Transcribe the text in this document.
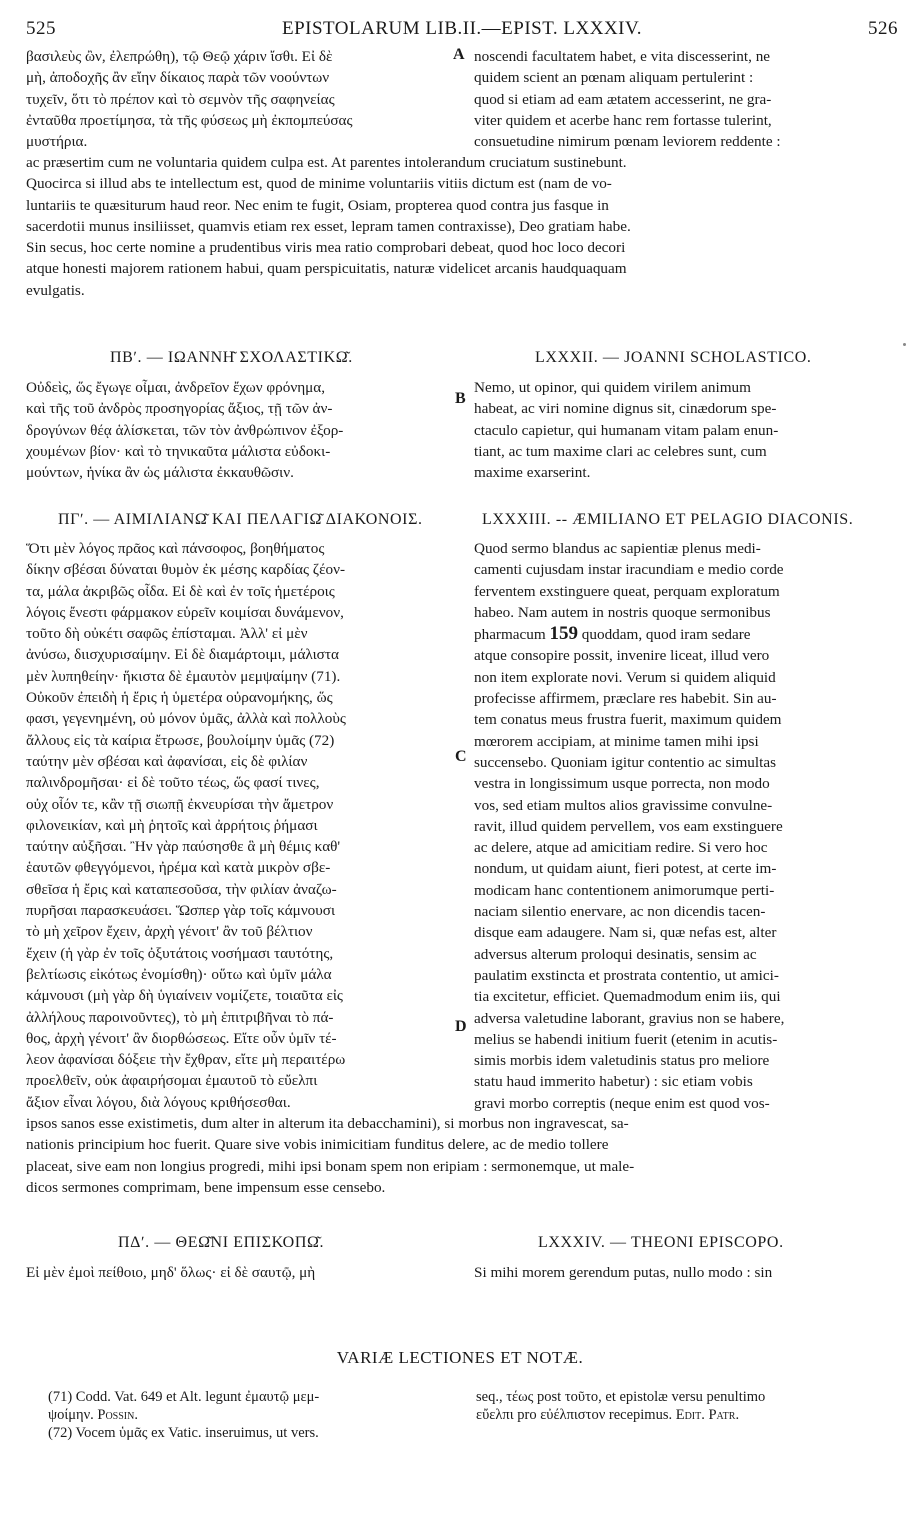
525	EPISTOLARUM LIB.II.—EPIST. LXXXIV.	526
βασιλεὺς ὢν, ἐλεπρώθη), τῷ Θεῷ χάριν ἴσθι. Εἰ δὲ
μὴ, ἀποδοχῆς ἂν εἴην δίκαιος παρὰ τῶν νοούντων
τυχεῖν, ὅτι τὸ πρέπον καὶ τὸ σεμνὸν τῆς σαφηνείας
ἐνταῦθα προετίμησα, τὰ τῆς φύσεως μὴ ἐκπομπεύσας
μυστήρια.
A noscendi facultatem habet, e vita discesserint, ne
quidem scient an pœnam aliquam pertulerint :
quod si etiam ad eam ætatem accesserint, ne gra-
viter quidem et acerbe hanc rem fortasse tulerint,
consuetudine nimirum pœnam leviorem reddente :
ac præsertim cum ne voluntaria quidem culpa est. At parentes intolerandum cruciatum sustinebunt.
Quocirca si illud abs te intellectum est, quod de minime voluntariis vitiis dictum est (nam de vo-
luntariis te quæsiturum haud reor. Nec enim te fugit, Osiam, propterea quod contra jus fasque in
sacerdotii munus insiliisset, quamvis etiam rex esset, lepram tamen contraxisse), Deo gratiam habe.
Sin secus, hoc certe nomine a prudentibus viris mea ratio comprobari debeat, quod hoc loco decori
atque honesti majorem rationem habui, quam perspicuitatis, naturæ videlicet arcanis haudquaquam
evulgatis.
ΠΒʹ. — ΙΩΑΝΝΗ͂ ΣΧΟΛΑΣΤΙΚΩ͂.	LXXXII. — JOANNI SCHOLASTICO.
Οὐδεὶς, ὥς ἔγωγε οἶμαι, ἀνδρεῖον ἔχων φρόνημα,
καὶ τῆς τοῦ ἀνδρὸς προσηγορίας ἄξιος, τῇ τῶν ἀν-
δρογύνων θέᾳ ἁλίσκεται, τῶν τὸν ἀνθρώπινον ἐξορ-
χουμένων βίον· καὶ τὸ τηνικαῦτα μάλιστα εὐδοκι-
μούντων, ἡνίκα ἂν ὡς μάλιστα ἐκκαυθῶσιν.
B
Nemo, ut opinor, qui quidem virilem animum
habeat, ac viri nomine dignus sit, cinædorum spe-
ctaculo capietur, qui humanam vitam palam enun-
tiant, ac tum maxime clari ac celebres sunt, cum
maxime exarserint.
ΠΓʹ. — ΑΙΜΙΛΙΑΝΩ͂ ΚΑΙ ΠΕΛΑΓΙΩ͂ ΔΙΑΚΟΝΟΙΣ.	LXXXIII. -- ÆMILIANO ET PELAGIO DIACONIS.
Ὅτι μὲν λόγος πρᾶος καὶ πάνσοφος, βοηθήματος
δίκην σβέσαι δύναται θυμὸν ἐκ μέσης καρδίας ζέον-
τα, μάλα ἀκριβῶς οἶδα. Εἰ δὲ καὶ ἐν τοῖς ἡμετέροις
λόγοις ἔνεστι φάρμακον εὑρεῖν κοιμίσαι δυνάμενον,
τοῦτο δὴ οὐκέτι σαφῶς ἐπίσταμαι. Ἀλλ' εἰ μὲν
ἀνύσω, διισχυρισαίμην. Εἰ δὲ διαμάρτοιμι, μάλιστα
μὲν λυπηθείην· ἥκιστα δὲ ἐμαυτὸν μεμψαίμην (71).
Οὐκοῦν ἐπειδὴ ἡ ἔρις ἡ ὑμετέρα οὐρανομήκης, ὥς
φασι, γεγενημένη, οὐ μόνον ὑμᾶς, ἀλλὰ καὶ πολλοὺς
ἄλλους εἰς τὰ καίρια ἔτρωσε, βουλοίμην ὑμᾶς (72)
ταύτην μὲν σβέσαι καὶ ἀφανίσαι, εἰς δὲ φιλίαν
παλινδρομῆσαι· εἰ δὲ τοῦτο τέως, ὥς φασί τινες,
οὐχ οἷόν τε, κἂν τῇ σιωπῇ ἐκνευρίσαι τὴν ἄμετρον
φιλονεικίαν, καὶ μὴ ῥητοῖς καὶ ἀρρήτοις ῥήμασι
ταύτην αὐξῆσαι. Ἢν γὰρ παύσησθε ἃ μὴ θέμις καθ'
ἑαυτῶν φθεγγόμενοι, ἠρέμα καὶ κατὰ μικρὸν σβε-
σθεῖσα ἡ ἔρις καὶ καταπεσοῦσα, τὴν φιλίαν ἀναζω-
πυρῆσαι παρασκευάσει. Ὥσπερ γὰρ τοῖς κάμνουσι
τὸ μὴ χεῖρον ἔχειν, ἀρχὴ γένοιτ' ἂν τοῦ βέλτιον
ἔχειν (ἡ γὰρ ἐν τοῖς ὀξυτάτοις νοσήμασι ταυτότης,
βελτίωσις εἰκότως ἐνομίσθη)· οὕτω καὶ ὑμῖν μάλα
κάμνουσι (μὴ γὰρ δὴ ὑγιαίνειν νομίζετε, τοιαῦτα εἰς
ἀλλήλους παροινοῦντες), τὸ μὴ ἐπιτριβῆναι τὸ πά-
θος, ἀρχὴ γένοιτ' ἂν διορθώσεως. Εἴτε οὖν ὑμῖν τέ-
λεον ἀφανίσαι δόξειε τὴν ἔχθραν, εἴτε μὴ περαιτέρω
προελθεῖν, οὐκ ἀφαιρήσομαι ἐμαυτοῦ τὸ εὔελπι
ἄξιον εἶναι λόγου, διὰ λόγους κριθήσεσθαι.
C
D
Quod sermo blandus ac sapientiæ plenus medi-
camenti cujusdam instar iracundiam e medio corde
ferventem exstinguere queat, perquam exploratum
habeo. Nam autem in nostris quoque sermonibus
pharmacum 159 quoddam, quod iram sedare
atque consopire possit, invenire liceat, illud vero
non item explorate novi. Verum si quidem aliquid
profecisse affirmem, præclare res habebit. Sin au-
tem conatus meus frustra fuerit, maximum quidem
mœrorem accipiam, at minime tamen mihi ipsi
succensebo. Quoniam igitur contentio ac simultas
vestra in longissimum usque porrecta, non modo
vos, sed etiam multos alios gravissime convulne-
ravit, illud quidem pervellem, vos eam exstinguere
ac delere, atque ad amicitiam redire. Si vero hoc
nondum, ut quidam aiunt, fieri potest, at certe im-
modicam hanc contentionem animorumque perti-
naciam silentio enervare, ac non dicendis tacen-
disque eam adaugere. Nam si, quæ nefas est, alter
adversus alterum proloqui desinatis, sensim ac
paulatim exstincta et prostrata contentio, ut amici-
tia excitetur, efficiet. Quemadmodum enim iis, qui
adversa valetudine laborant, gravius non se habere,
melius se habendi initium fuerit (etenim in acutis-
simis morbis idem valetudinis status pro meliore
statu haud immerito habetur) : sic etiam vobis
gravi morbo correptis (neque enim est quod vos-
ipsos sanos esse existimetis, dum alter in alterum ita debacchamini), si morbus non ingravescat, sa-
nationis principium hoc fuerit. Quare sive vobis inimicitiam funditus delere, ac de medio tollere
placeat, sive eam non longius progredi, mihi ipsi bonam spem non eripiam : sermonemque, ut male-
dicos sermones comprimam, bene impensum esse censebo.
ΠΔʹ. — ΘΕΩ͂ΝΙ ΕΠΙΣΚΟΠΩ͂.	LXXXIV. — THEONI EPISCOPO.
Εἰ μὲν ἐμοὶ πείθοιο, μηδ' ὅλως· εἰ δὲ σαυτῷ, μὴ	Si mihi morem gerendum putas, nullo modo : sin
VARIÆ LECTIONES ET NOTÆ.
(71) Codd. Vat. 649 et Alt. legunt ἐμαυτῷ μεμ-
ψοίμην. Possin.
(72) Vocem ὑμᾶς ex Vatic. inseruimus, ut vers.
seq., τέως post τοῦτο, et epistolæ versu penultimo
εὔελπι pro εὐέλπιστον recepimus. Edit. Patr.
